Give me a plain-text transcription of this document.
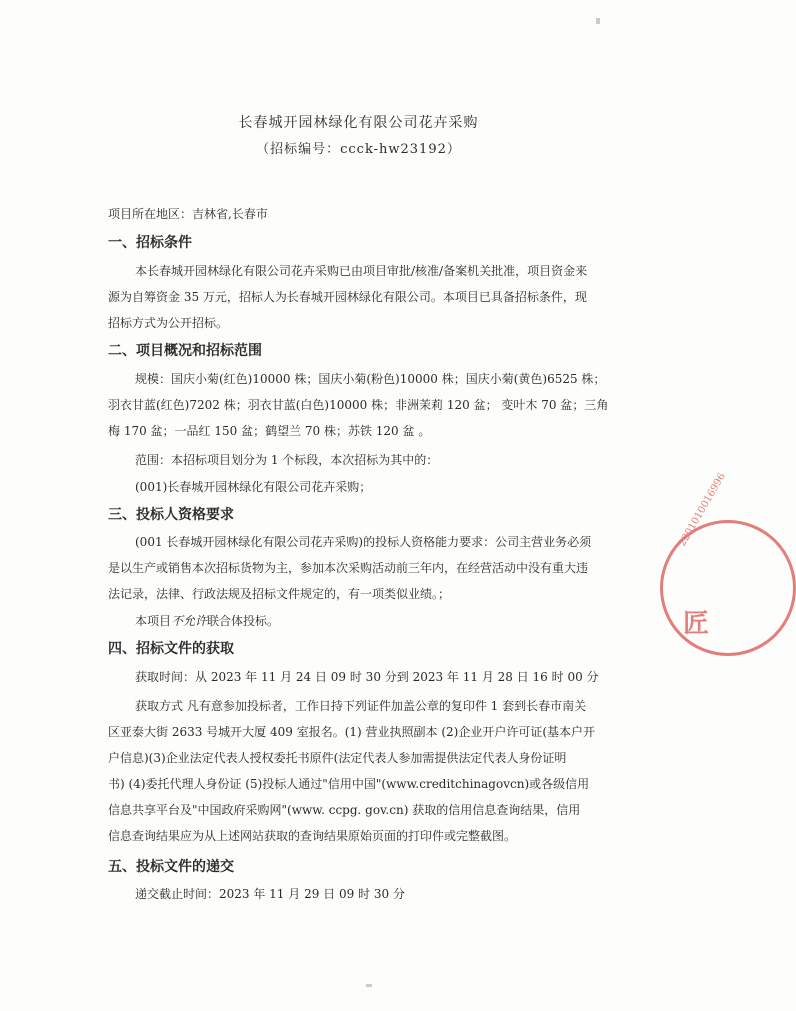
长春城开园林绿化有限公司花卉采购
（招标编号：ccck-hw23192）
项目所在地区：吉林省,长春市
一、招标条件
本长春城开园林绿化有限公司花卉采购已由项目审批/核准/备案机关批准，项目资金来
源为自筹资金 35 万元，招标人为长春城开园林绿化有限公司。本项目已具备招标条件，现
招标方式为公开招标。
二、项目概况和招标范围
规模：国庆小菊(红色)10000 株；国庆小菊(粉色)10000 株；国庆小菊(黄色)6525 株；
羽衣甘蓝(红色)7202 株；羽衣甘蓝(白色)10000 株；非洲茉莉 120 盆； 变叶木 70 盆；三角
梅 170 盆；一品红 150 盆；鹤望兰 70 株；苏铁 120 盆 。
范围：本招标项目划分为 1 个标段，本次招标为其中的：
(001)长春城开园林绿化有限公司花卉采购；
三、投标人资格要求
(001 长春城开园林绿化有限公司花卉采购)的投标人资格能力要求：公司主营业务必须
是以生产或销售本次招标货物为主，参加本次采购活动前三年内，在经营活动中没有重大违
法记录，法律、行政法规及招标文件规定的，有一项类似业绩。；
本项目不允许联合体投标。
四、招标文件的获取
获取时间：从 2023 年 11 月 24 日 09 时 30 分到 2023 年 11 月 28 日 16 时 00 分
获取方式 凡有意参加投标者，工作日持下列证件加盖公章的复印件 1 套到长春市南关
区亚泰大街 2633 号城开大厦 409 室报名。(1) 营业执照副本 (2)企业开户许可证(基本户开
户信息)(3)企业法定代表人授权委托书原件(法定代表人参加需提供法定代表人身份证明
书) (4)委托代理人身份证 (5)投标人通过"信用中国"(www.creditchinagovcn)或各级信用
信息共享平台及"中国政府采购网"(www. ccpg. gov.cn) 获取的信用信息查询结果，信用
信息查询结果应为从上述网站获取的查询结果原始页面的打印件或完整截图。
五、投标文件的递交
递交截止时间：2023 年 11 月 29 日 09 时 30 分
2201010016996
匠
